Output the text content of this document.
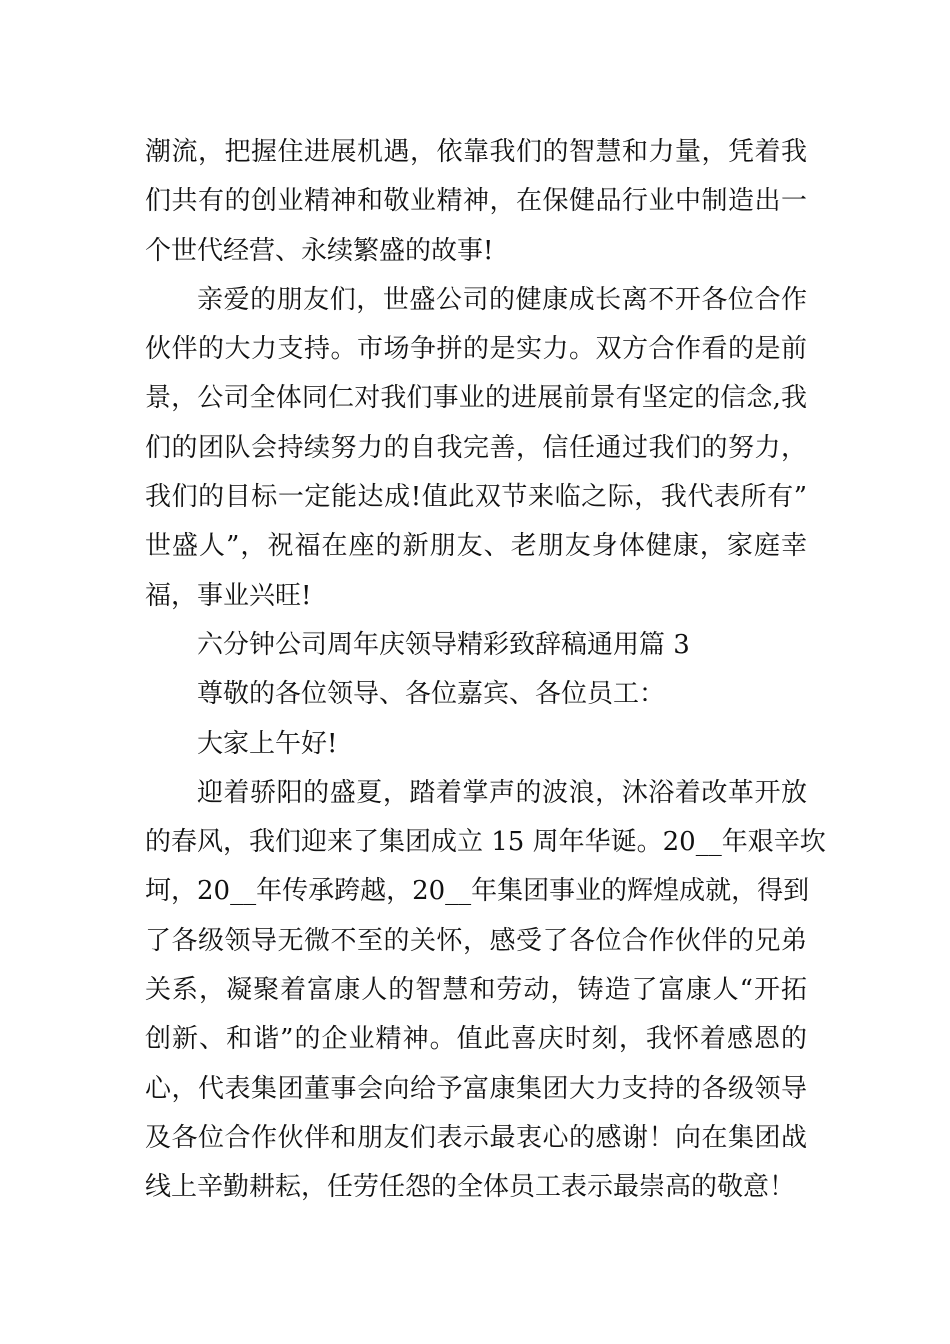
潮流，把握住进展机遇，依靠我们的智慧和力量，凭着我
们共有的创业精神和敬业精神，在保健品行业中制造出一
个世代经营、永续繁盛的故事!
亲爱的朋友们，世盛公司的健康成长离不开各位合作
伙伴的大力支持。市场争拼的是实力。双方合作看的是前
景，公司全体同仁对我们事业的进展前景有坚定的信念,我
们的团队会持续努力的自我完善，信任通过我们的努力，
我们的目标一定能达成!值此双节来临之际，我代表所有”
世盛人”，祝福在座的新朋友、老朋友身体健康，家庭幸
福，事业兴旺!
六分钟公司周年庆领导精彩致辞稿通用篇 3
尊敬的各位领导、各位嘉宾、各位员工：
大家上午好!
迎着骄阳的盛夏，踏着掌声的波浪，沐浴着改革开放
的春风，我们迎来了集团成立 15 周年华诞。20__年艰辛坎
坷，20__年传承跨越，20__年集团事业的辉煌成就，得到
了各级领导无微不至的关怀，感受了各位合作伙伴的兄弟
关系，凝聚着富康人的智慧和劳动，铸造了富康人“开拓
创新、和谐”的企业精神。值此喜庆时刻，我怀着感恩的
心，代表集团董事会向给予富康集团大力支持的各级领导
及各位合作伙伴和朋友们表示最衷心的感谢！向在集团战
线上辛勤耕耘，任劳任怨的全体员工表示最崇高的敬意！
